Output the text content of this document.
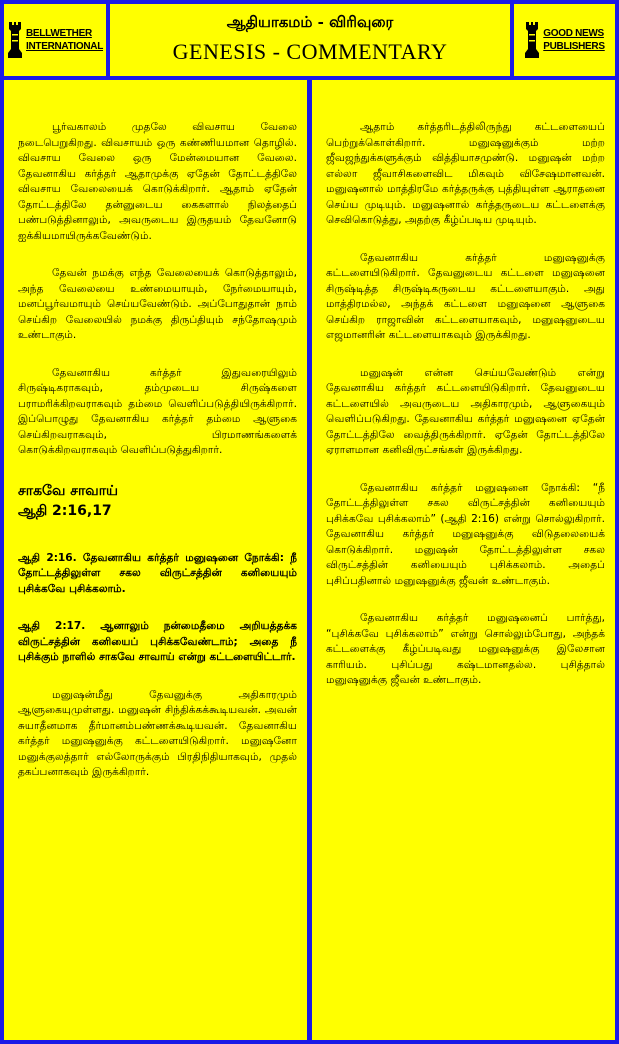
BELLWETHER
INTERNATIONAL
ஆதியாகமம் - விரிவுரை
GENESIS - COMMENTARY
GOOD NEWS
PUBLISHERS

பூர்வகாலம் முதலே விவசாய வேலை நடைபெறுகிறது. விவசாயம் ஒரு கண்ணியமான தொழில். விவசாய வேலை ஒரு மேன்மையான வேலை. தேவனாகிய கர்த்தர் ஆதாமுக்கு ஏதேன் தோட்டத்திலே விவசாய வேலையைக் கொடுக்கிறார். ஆதாம் ஏதேன் தோட்டத்திலே தன்னுடைய கைகளால் நிலத்தைப் பண்படுத்தினாலும், அவருடைய இருதயம் தேவனோடு ஐக்கியமாயிருக்கவேண்டும்.

தேவன் நமக்கு எந்த வேலையைக் கொடுத்தாலும், அந்த வேலையை உண்மையாயும், நேர்மையாயும், மனப்பூர்வமாயும் செய்யவேண்டும். அப்போதுதான் நாம் செய்கிற வேலையில் நமக்கு திருப்தியும் சந்தோஷமும் உண்டாகும்.

தேவனாகிய கர்த்தர் இதுவரையிலும் சிருஷ்டிகராகவும், தம்முடைய சிருஷ்களை பராமரிக்கிறவராகவும் தம்மை வெளிப்படுத்தியிருக்கிறார். இப்பொழுது தேவனாகிய கர்த்தர் தம்மை ஆளுகை செய்கிறவராகவும், பிரமாணங்களைக் கொடுக்கிறவராகவும் வெளிப்படுத்துகிறார்.

சாகவே சாவாய்
ஆதி 2:16,17

ஆதி 2:16. தேவனாகிய கர்த்தர் மனுஷனை நோக்கி: நீ தோட்டத்திலுள்ள சகல விருட்சத்தின் கனியையும் புசிக்கவே புசிக்கலாம்.

ஆதி 2:17. ஆனாலும் நன்மைதீமை அறியத்தக்க விருட்சத்தின் கனியைப் புசிக்கவேண்டாம்; அதை நீ புசிக்கும் நாளில் சாகவே சாவாய் என்று கட்டளையிட்டார்.

மனுஷன்மீது தேவனுக்கு அதிகாரமும் ஆளுகையுமுள்ளது. மனுஷன் சிந்திக்கக்கூடியவன். அவன் சுயாதீனமாக தீர்மானம்பண்ணக்கூடியவன். தேவனாகிய கர்த்தர் மனுஷனுக்கு கட்டளையிடுகிறார். மனுஷனோ மனுக்குலத்தார் எல்லோருக்கும் பிரதிநிதியாகவும், முதல் தகப்பனாகவும் இருக்கிறார்.

ஆதாம் கர்த்தரிடத்திலிருந்து கட்டளையைப் பெற்றுக்கொள்கிறார். மனுஷனுக்கும் மற்ற ஜீவஜந்துக்களுக்கும் வித்தியாசமுண்டு. மனுஷன் மற்ற எல்லா ஜீவாசிகளைவிட மிகவும் விசேஷமானவன். மனுஷனால் மாத்திரமே கர்த்தருக்கு புத்தியுள்ள ஆராதனை செய்ய முடியும். மனுஷனால் கர்த்தருடைய கட்டளைக்கு செவிகொடுத்து, அதற்கு கீழ்ப்படிய முடியும்.

தேவனாகிய கர்த்தர் மனுஷனுக்கு கட்டளையிடுகிறார். தேவனுடைய கட்டளை மனுஷனை சிருஷ்டித்த சிருஷ்டிகருடைய கட்டளையாகும். அது மாத்திரமல்ல, அந்தக் கட்டளை மனுஷனை ஆளுகை செய்கிற ராஜாவின் கட்டளையாகவும், மனுஷனுடைய எஜமானரின் கட்டளையாகவும் இருக்கிறது.

மனுஷன் என்ன செய்யவேண்டும் என்று தேவனாகிய கர்த்தர் கட்டளையிடுகிறார். தேவனுடைய கட்டளையில் அவருடைய அதிகாரமும், ஆளுகையும் வெளிப்படுகிறது. தேவனாகிய கர்த்தர் மனுஷனை ஏதேன் தோட்டத்திலே வைத்திருக்கிறார். ஏதேன் தோட்டத்திலே ஏராளமான கனிவிருட்சங்கள் இருக்கிறது.

தேவனாகிய கர்த்தர் மனுஷனை நோக்கி: “நீ தோட்டத்திலுள்ள சகல விருட்சத்தின் கனியையும் புசிக்கவே புசிக்கலாம்” (ஆதி 2:16) என்று சொல்லுகிறார். தேவனாகிய கர்த்தர் மனுஷனுக்கு விடுதலையைக் கொடுக்கிறார். மனுஷன் தோட்டத்திலுள்ள சகல விருட்சத்தின் கனியையும் புசிக்கலாம். அதைப் புசிப்பதினால் மனுஷனுக்கு ஜீவன் உண்டாகும்.

தேவனாகிய கர்த்தர் மனுஷனைப் பார்த்து, “புசிக்கவே புசிக்கலாம்” என்று சொல்லும்போது, அந்தக் கட்டளைக்கு கீழ்ப்படிவது மனுஷனுக்கு இலேசான காரியம். புசிப்பது கஷ்டமானதல்ல. புசித்தால் மனுஷனுக்கு ஜீவன் உண்டாகும்.
